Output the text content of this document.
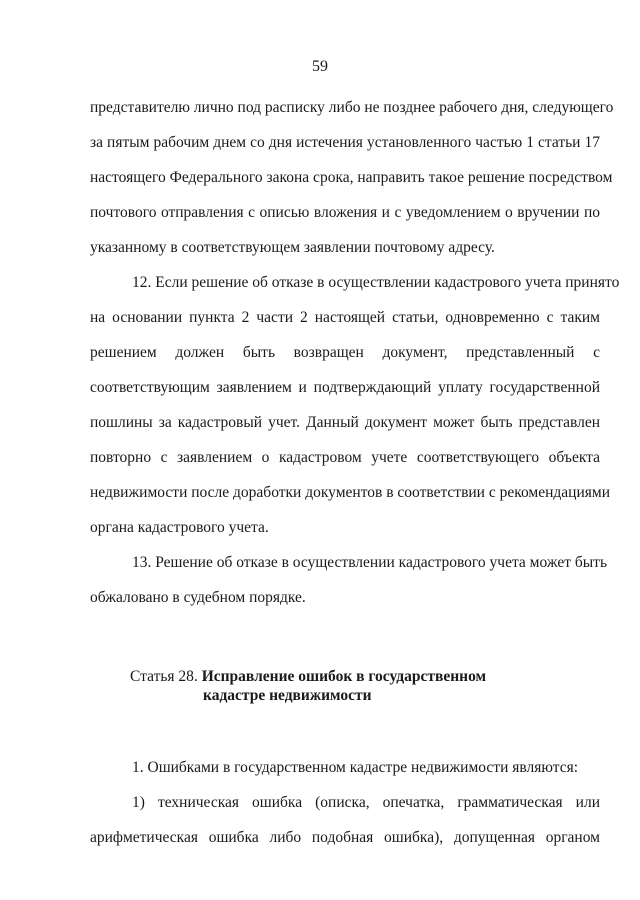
59
представителю лично под расписку либо не позднее рабочего дня, следующего
за пятым рабочим днем со дня истечения установленного частью 1 статьи 17
настоящего Федерального закона срока, направить такое решение посредством
почтового отправления с описью вложения и с уведомлением о вручении по
указанному в соответствующем заявлении почтовому адресу.
12. Если решение об отказе в осуществлении кадастрового учета принято
на основании пункта 2 части 2 настоящей статьи, одновременно с таким
решением должен быть возвращен документ, представленный с
соответствующим заявлением и подтверждающий уплату государственной
пошлины за кадастровый учет. Данный документ может быть представлен
повторно с заявлением о кадастровом учете соответствующего объекта
недвижимости после доработки документов в соответствии с рекомендациями
органа кадастрового учета.
13. Решение об отказе в осуществлении кадастрового учета может быть
обжаловано в судебном порядке.
Статья 28. Исправление ошибок в государственном
кадастре недвижимости
1. Ошибками в государственном кадастре недвижимости являются:
1) техническая ошибка (описка, опечатка, грамматическая или
арифметическая ошибка либо подобная ошибка), допущенная органом
